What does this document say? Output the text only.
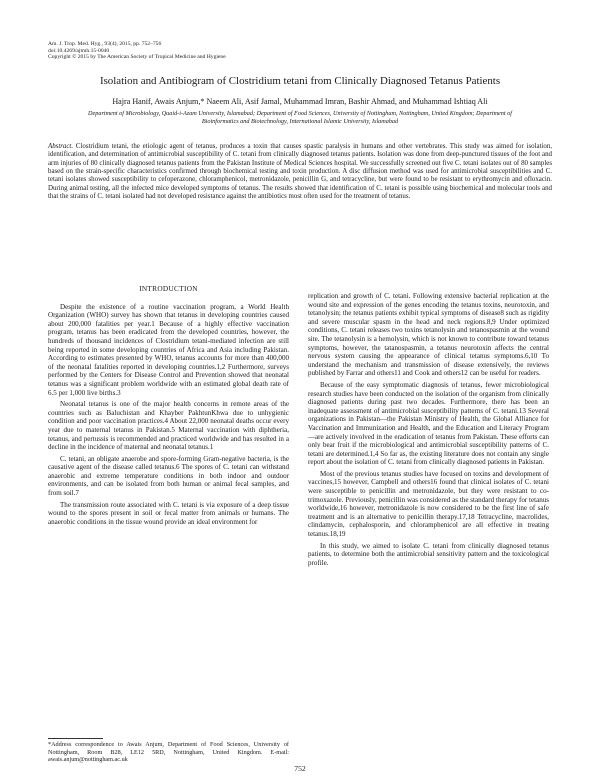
Am. J. Trop. Med. Hyg., 93(4), 2015, pp. 752–756
doi:10.4269/ajtmh.15-0040
Copyright © 2015 by The American Society of Tropical Medicine and Hygiene
Isolation and Antibiogram of Clostridium tetani from Clinically Diagnosed Tetanus Patients
Hajra Hanif, Awais Anjum,* Naeem Ali, Asif Jamal, Muhammad Imran, Bashir Ahmad, and Muhammad Ishtiaq Ali
Department of Microbiology, Quaid-i-Azam University, Islamabad; Department of Food Sciences, University of Nottingham, Nottingham, United Kingdom; Department of Bioinformatics and Biotechnology, International Islamic University, Islamabad
Abstract. Clostridium tetani, the etiologic agent of tetanus, produces a toxin that causes spastic paralysis in humans and other vertebrates. This study was aimed for isolation, identification, and determination of antimicrobial susceptibility of C. tetani from clinically diagnosed tetanus patients. Isolation was done from deep-punctured tissues of the foot and arm injuries of 80 clinically diagnosed tetanus patients from the Pakistan Institute of Medical Sciences hospital. We successfully screened out five C. tetani isolates out of 80 samples based on the strain-specific characteristics confirmed through biochemical testing and toxin production. A disc diffusion method was used for antimicrobial susceptibilities and C. tetani isolates showed susceptibility to cefoperazone, chloramphenicol, metronidazole, penicillin G, and tetracycline, but were found to be resistant to erythromycin and ofloxacin. During animal testing, all the infected mice developed symptoms of tetanus. The results showed that identification of C. tetani is possible using biochemical and molecular tools and that the strains of C. tetani isolated had not developed resistance against the antibiotics most often used for the treatment of tetanus.
INTRODUCTION

Despite the existence of a routine vaccination program, a World Health Organization (WHO) survey has shown that tetanus in developing countries caused about 200,000 fatalities per year.1 Because of a highly effective vaccination program, tetanus has been eradicated from the developed countries, however, the hundreds of thousand incidences of Clostridium tetani-mediated infection are still being reported in some developing countries of Africa and Asia including Pakistan. According to estimates presented by WHO, tetanus accounts for more than 400,000 of the neonatal fatalities reported in developing countries.1,2 Furthermore, surveys performed by the Centers for Disease Control and Prevention showed that neonatal tetanus was a significant problem worldwide with an estimated global death rate of 6.5 per 1,000 live births.3

Neonatal tetanus is one of the major health concerns in remote areas of the countries such as Baluchistan and Khayber PakhtunKhwa due to unhygienic condition and poor vaccination practices.4 About 22,000 neonatal deaths occur every year due to maternal tetanus in Pakistan.5 Maternal vaccination with diphtheria, tetanus, and pertussis is recommended and practiced worldwide and has resulted in a decline in the incidence of maternal and neonatal tetanus.1

C. tetani, an obligate anaerobe and spore-forming Gram-negative bacteria, is the causative agent of the disease called tetanus.6 The spores of C. tetani can withstand anaerobic and extreme temperature conditions in both indoor and outdoor environments, and can be isolated from both human or animal fecal samples, and from soil.7

The transmission route associated with C. tetani is via exposure of a deep tissue wound to the spores present in soil or fecal matter from animals or humans. The anaerobic conditions in the tissue wound provide an ideal environment for

replication and growth of C. tetani. Following extensive bacterial replication at the wound site and expression of the genes encoding the tetanus toxins, neurotoxin, and tetanolysin; the tetanus patients exhibit typical symptoms of disease8 such as rigidity and severe muscular spasm in the head and neck regions.8,9 Under optimized conditions, C. tetani releases two toxins tetanolysin and tetanospasmin at the wound site. The tetanolysin is a hemolysin, which is not known to contribute toward tetanus symptoms, however, the tatanospasmin, a tetanus neurotoxin affects the central nervous system causing the appearance of clinical tetanus symptoms.6,10 To understand the mechanism and transmission of disease extensively, the reviews published by Farrar and others11 and Cook and others12 can be useful for readers.

Because of the easy symptomatic diagnosis of tetanus, fewer microbiological research studies have been conducted on the isolation of the organism from clinically diagnosed patients during past two decades. Furthermore, there has been an inadequate assessment of antimicrobial susceptibility patterns of C. tetani.13 Several organizations in Pakistan—the Pakistan Ministry of Health, the Global Alliance for Vaccination and Immunization and Health, and the Education and Literacy Program—are actively involved in the eradication of tetanus from Pakistan. These efforts can only bear fruit if the microbiological and antimicrobial susceptibility patterns of C. tetani are determined.1,4 So far as, the existing literature does not contain any single report about the isolation of C. tetani from clinically diagnosed patients in Pakistan.

Most of the previous tetanus studies have focused on toxins and development of vaccines,15 however, Campbell and others16 found that clinical isolates of C. tetani were susceptible to penicillin and metronidazole, but they were resistant to co-trimoxazole. Previously, penicillin was considered as the standard therapy for tetanus worldwide,16 however, metronidazole is now considered to be the first line of safe treatment and is an alternative to penicillin therapy.17,18 Tetracycline, macrolides, clindamycin, cephalosporin, and chloramphenicol are all effective in treating tetanus.18,19

In this study, we aimed to isolate C. tetani from clinically diagnosed tetanus patients, to determine both the antimicrobial sensitivity pattern and the toxicological profile.

*Address correspondence to Awais Anjum, Department of Food Sciences, University of Nottingham, Room B28, LE12 5RD, Nottingham, United Kingdom. E-mail: awais.anjum@nottingham.ac.uk
752
